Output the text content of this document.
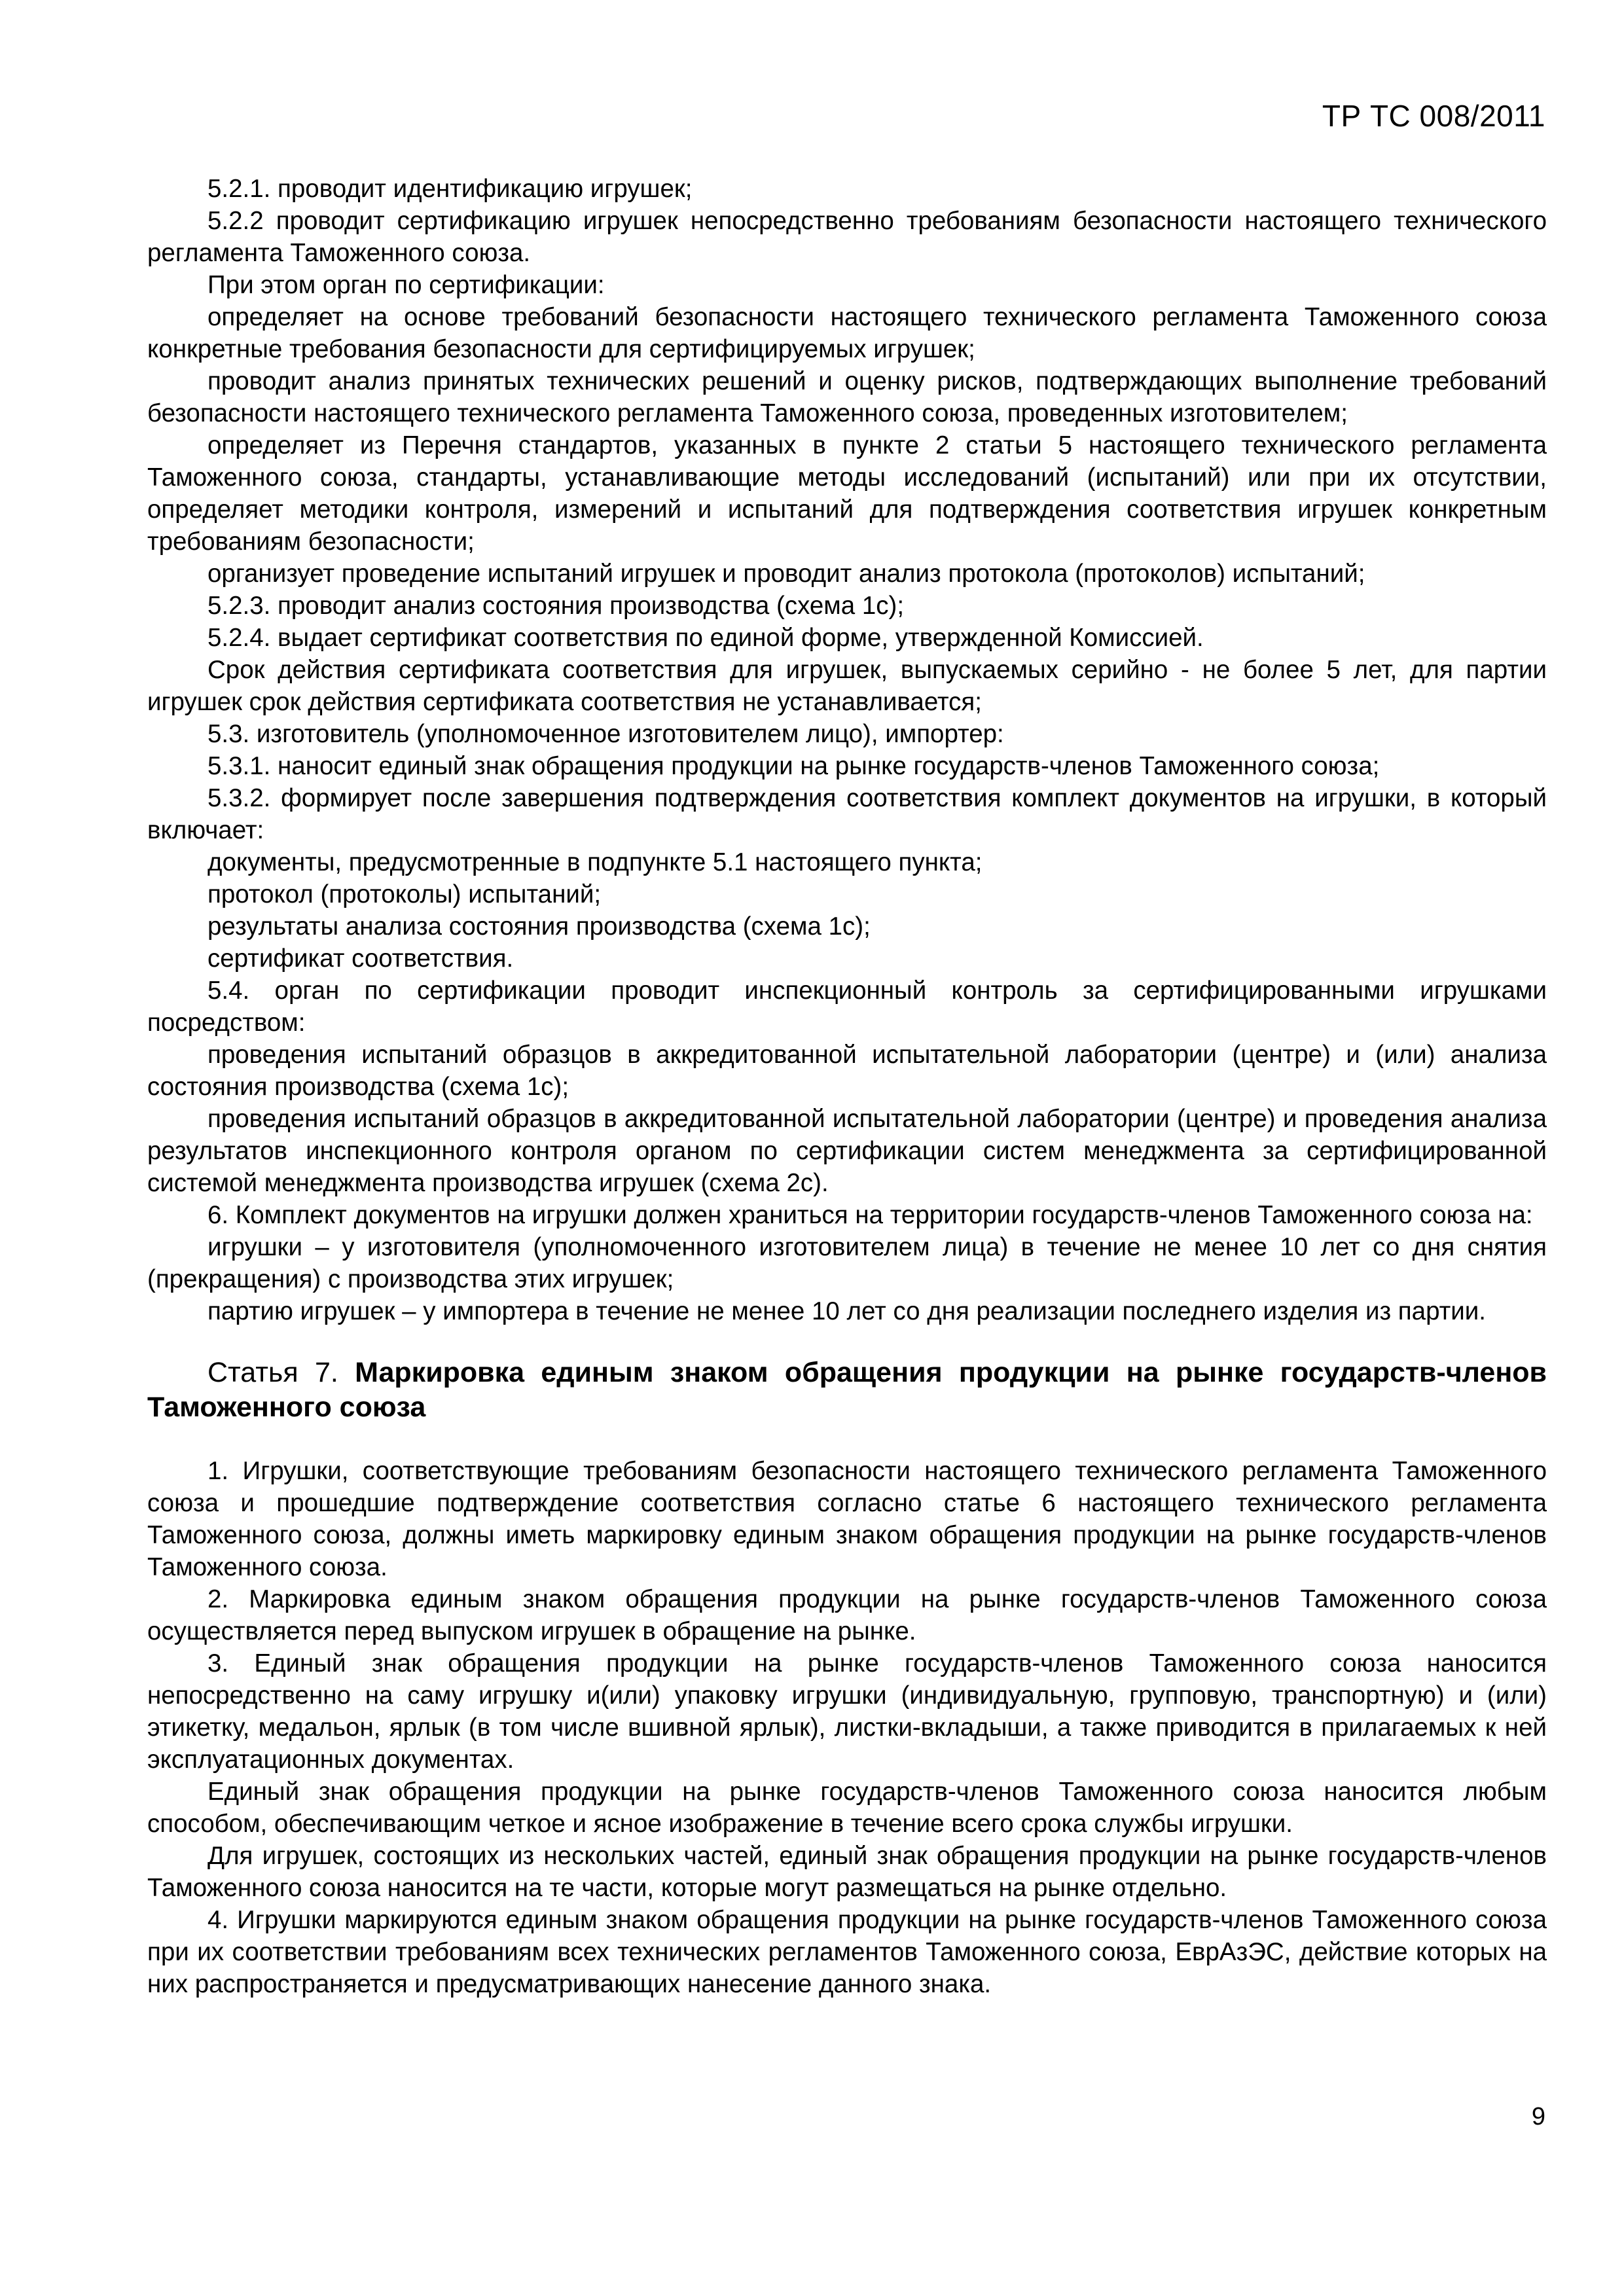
ТР ТС 008/2011

5.2.1. проводит идентификацию игрушек;

5.2.2 проводит сертификацию игрушек непосредственно требованиям безопасности настоящего технического регламента Таможенного союза.

При этом орган по сертификации:

определяет на основе требований безопасности настоящего технического регламента Таможенного союза конкретные требования безопасности для сертифицируемых игрушек;

проводит анализ принятых технических решений и оценку рисков, подтверждающих выполнение требований безопасности настоящего технического регламента Таможенного союза, проведенных изготовителем;

определяет из Перечня стандартов, указанных в пункте 2 статьи 5 настоящего технического регламента Таможенного союза, стандарты, устанавливающие методы исследований (испытаний) или при их отсутствии, определяет методики контроля, измерений и испытаний для подтверждения соответствия игрушек конкретным требованиям безопасности;

организует проведение испытаний игрушек и проводит анализ протокола (протоколов) испытаний;

5.2.3. проводит анализ состояния производства (схема 1с);

5.2.4. выдает сертификат соответствия по единой форме, утвержденной Комиссией.

Срок действия сертификата соответствия для игрушек, выпускаемых серийно - не более 5 лет, для партии игрушек срок действия сертификата соответствия не устанавливается;

5.3. изготовитель (уполномоченное изготовителем лицо), импортер:

5.3.1. наносит единый знак обращения продукции на рынке государств-членов Таможенного союза;

5.3.2. формирует после завершения подтверждения соответствия комплект документов на игрушки, в который включает:

документы, предусмотренные в подпункте 5.1 настоящего пункта;

протокол (протоколы) испытаний;

результаты анализа состояния производства (схема 1с);

сертификат соответствия.

5.4. орган по сертификации проводит инспекционный контроль за сертифицированными игрушками посредством:

проведения испытаний образцов в аккредитованной испытательной лаборатории (центре) и (или) анализа состояния производства (схема 1с);

проведения испытаний образцов в аккредитованной испытательной лаборатории (центре) и проведения анализа результатов инспекционного контроля органом по сертификации систем менеджмента за сертифицированной системой менеджмента производства игрушек (схема 2с).

6. Комплект документов на игрушки должен храниться на территории государств-членов Таможенного союза на:

игрушки – у изготовителя (уполномоченного изготовителем лица) в течение не менее 10 лет со дня снятия (прекращения) с производства этих игрушек;

партию игрушек – у импортера в течение не менее 10 лет со дня реализации последнего изделия из партии.

Статья 7. Маркировка единым знаком обращения продукции на рынке государств-членов Таможенного союза

1. Игрушки, соответствующие требованиям безопасности настоящего технического регламента Таможенного союза и прошедшие подтверждение соответствия согласно статье 6 настоящего технического регламента Таможенного союза, должны иметь маркировку единым знаком обращения продукции на рынке государств-членов Таможенного союза.

2. Маркировка единым знаком обращения продукции на рынке государств-членов Таможенного союза осуществляется перед выпуском игрушек в обращение на рынке.

3. Единый знак обращения продукции на рынке государств-членов Таможенного союза наносится непосредственно на саму игрушку и(или) упаковку игрушки (индивидуальную, групповую, транспортную) и (или) этикетку, медальон, ярлык (в том числе вшивной ярлык), листки-вкладыши, а также приводится в прилагаемых к ней эксплуатационных документах.

Единый знак обращения продукции на рынке государств-членов Таможенного союза наносится любым способом, обеспечивающим четкое и ясное изображение в течение всего срока службы игрушки.

Для игрушек, состоящих из нескольких частей, единый знак обращения продукции на рынке государств-членов Таможенного союза наносится на те части, которые могут размещаться на рынке отдельно.

4. Игрушки маркируются единым знаком обращения продукции на рынке государств-членов Таможенного союза при их соответствии требованиям всех технических регламентов Таможенного союза, ЕврАзЭС, действие которых на них распространяется и предусматривающих нанесение данного знака.

9
